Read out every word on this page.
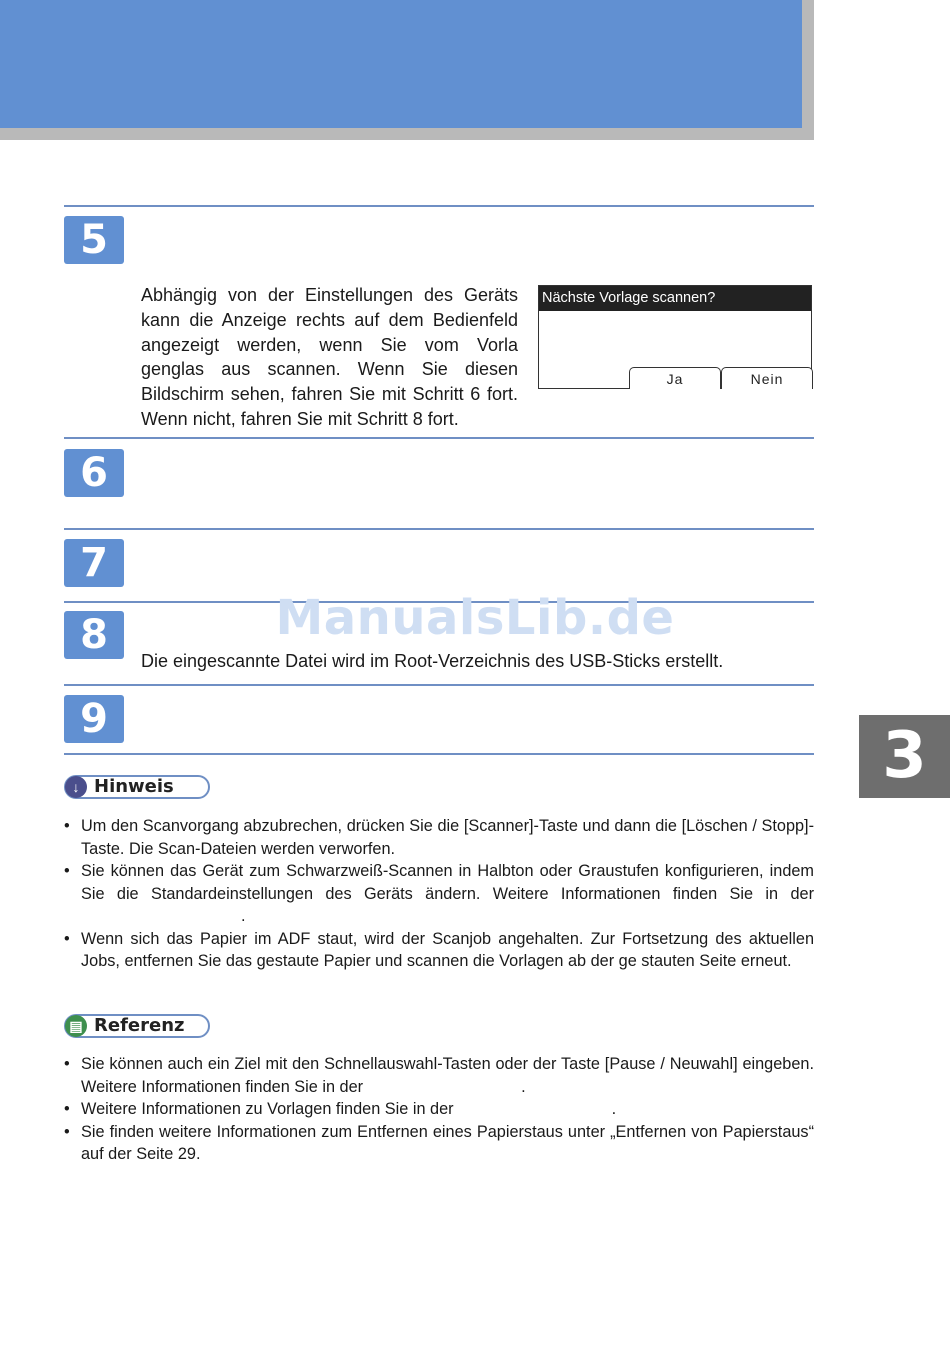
5
6
7
8
9

Abhängig von der Einstellungen des Geräts kann die Anzeige rechts auf dem Bedienfeld angezeigt werden, wenn Sie vom Vorla genglas aus scannen. Wenn Sie diesen Bildschirm sehen, fahren Sie mit Schritt 6 fort. Wenn nicht, fahren Sie mit Schritt 8 fort.

Nächste Vorlage scannen?
Ja	Nein
ManualsLib.de

Die eingescannte Datei wird im Root-Verzeichnis des USB-Sticks erstellt.

3
↓ Hinweis
• Um den Scanvorgang abzubrechen, drücken Sie die [Scanner]-Taste und dann die [Löschen / Stopp]-Taste. Die Scan-Dateien werden verworfen.
• Sie können das Gerät zum Schwarzweiß-Scannen in Halbton oder Graustufen konfigurieren, indem Sie die Standardeinstellungen des Geräts ändern. Weitere Informationen finden Sie in der.
• Wenn sich das Papier im ADF staut, wird der Scanjob angehalten. Zur Fortsetzung des aktuellen Jobs, entfernen Sie das gestaute Papier und scannen die Vorlagen ab der ge stauten Seite erneut.
▤ Referenz
• Sie können auch ein Ziel mit den Schnellauswahl-Tasten oder der Taste [Pause / Neuwahl] eingeben. Weitere Informationen finden Sie in der	.
• Weitere Informationen zu Vorlagen finden Sie in der	.
• Sie finden weitere Informationen zum Entfernen eines Papierstaus unter „Entfernen von Papierstaus“ auf der Seite 29.
